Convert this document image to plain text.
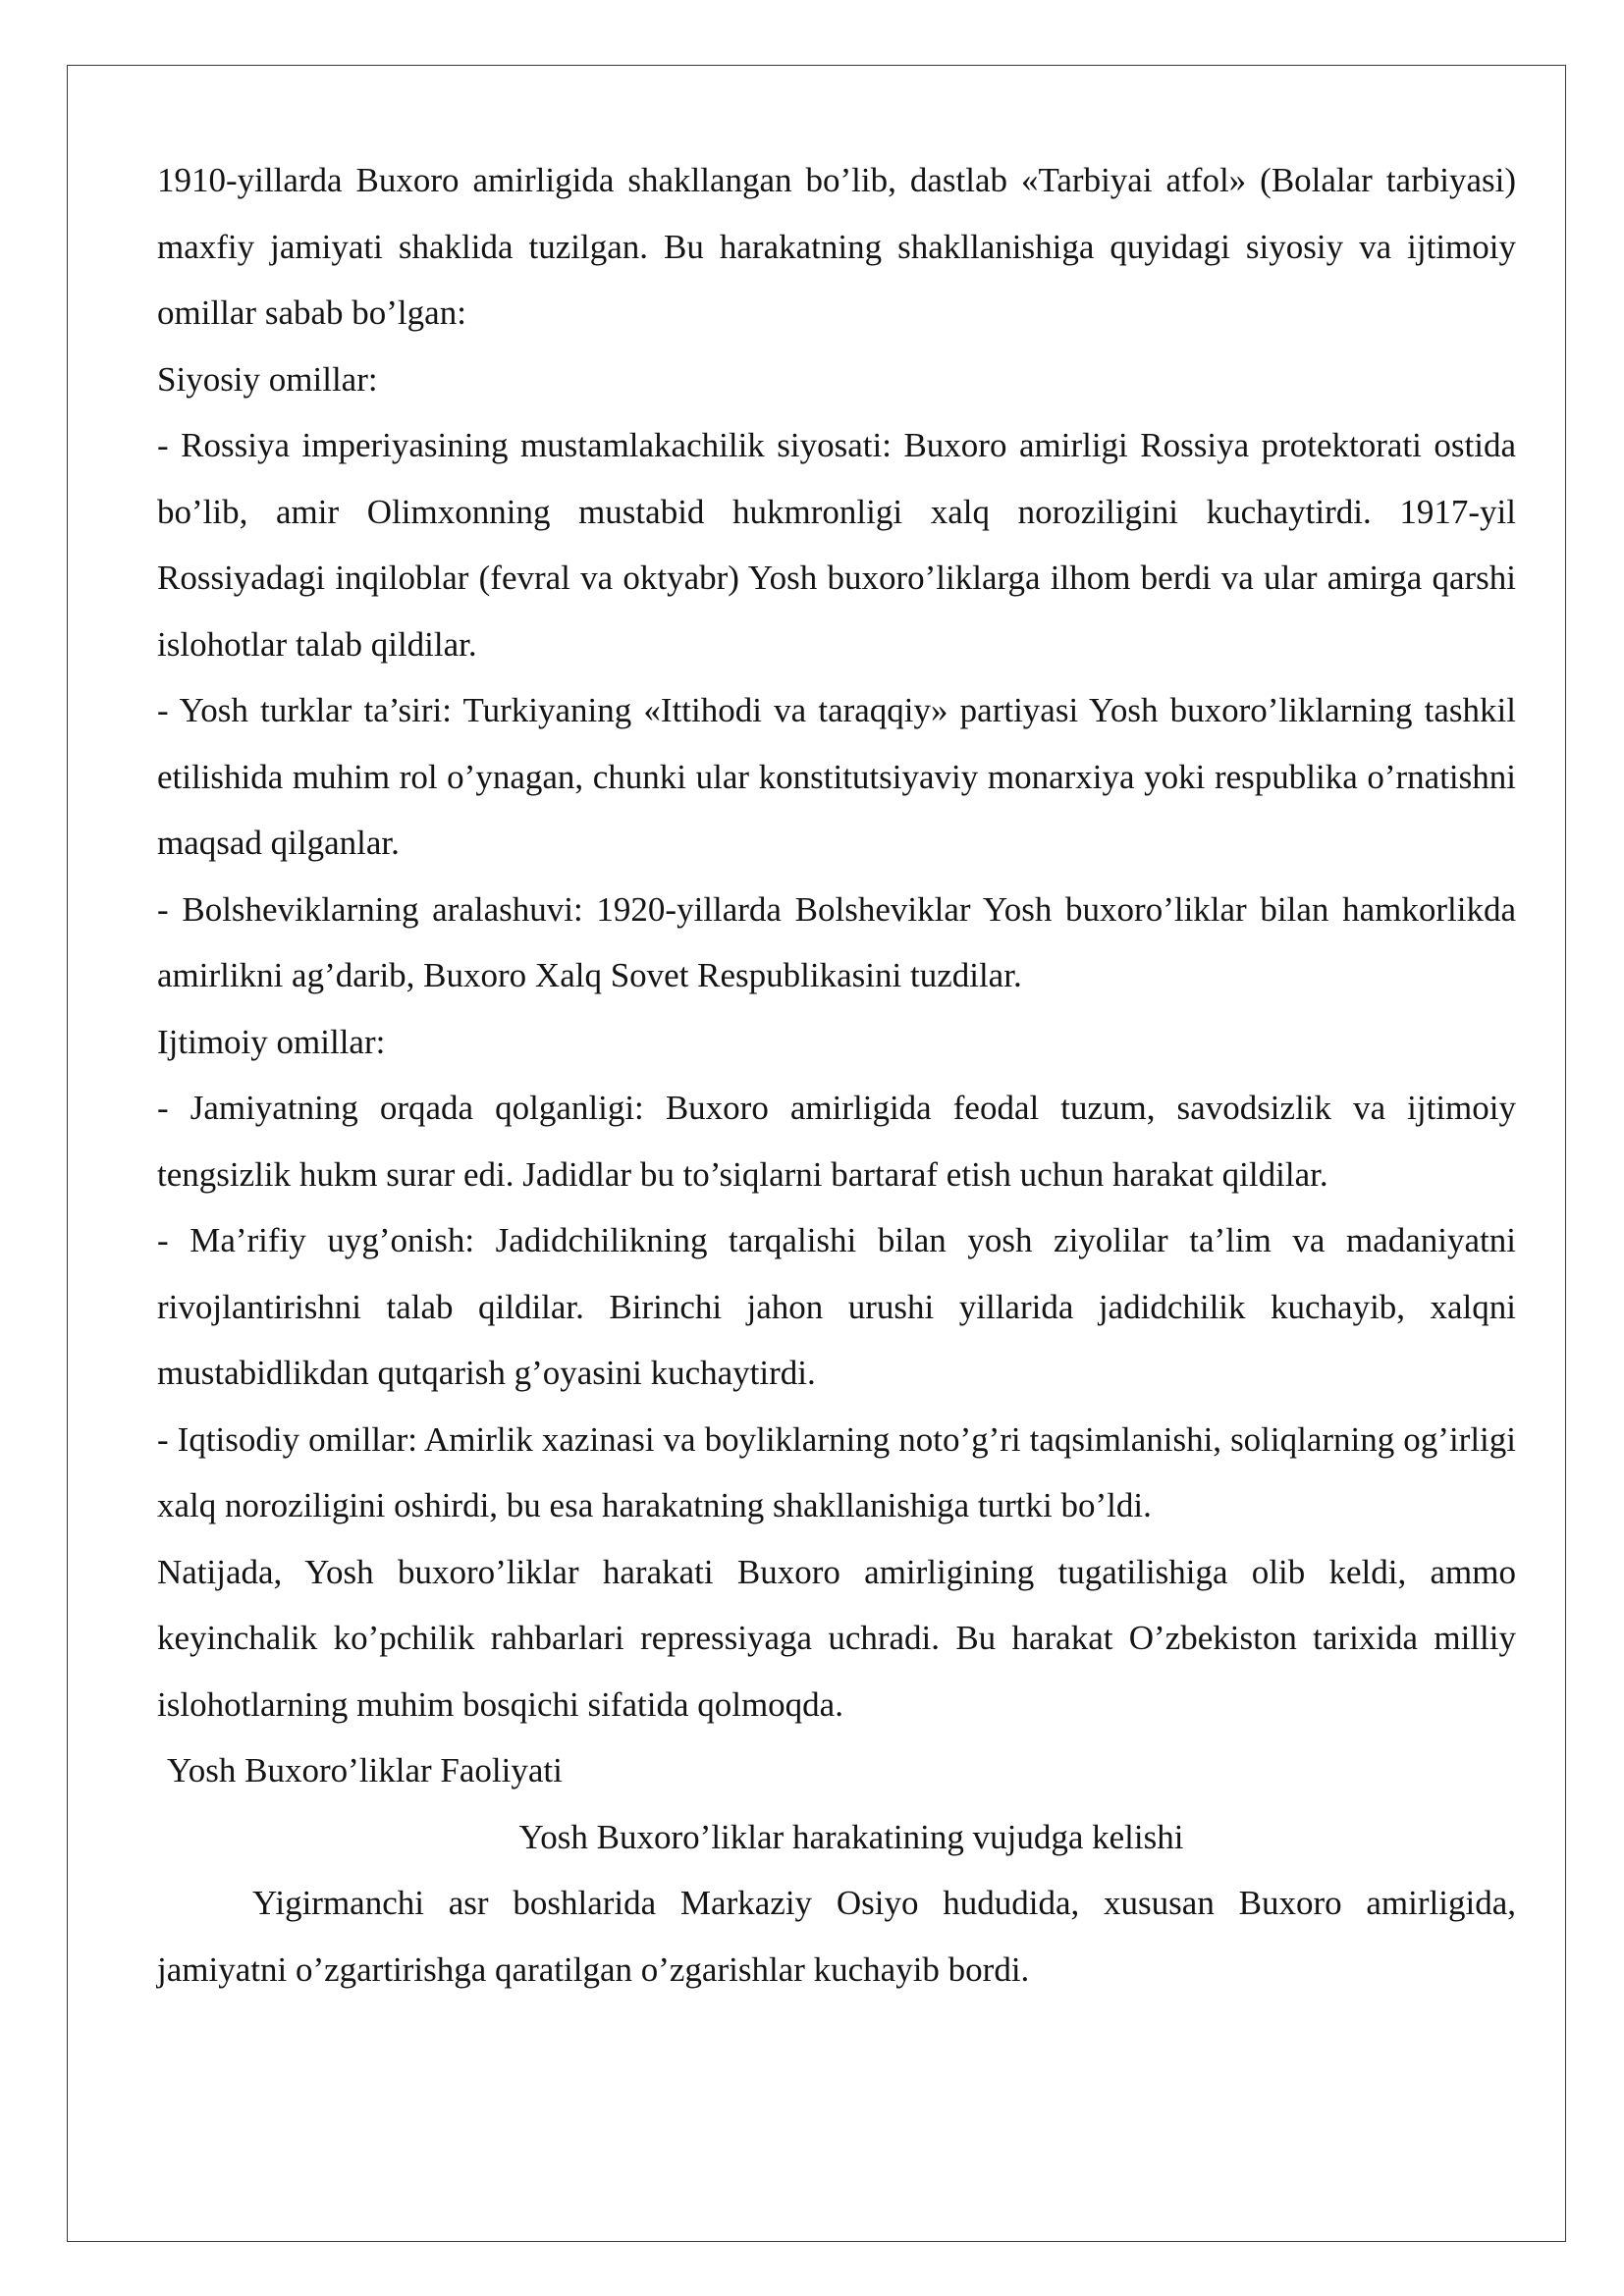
1910-yillarda Buxoro amirligida shakllangan bo’lib, dastlab «Tarbiyai atfol» (Bolalar tarbiyasi) maxfiy jamiyati shaklida tuzilgan. Bu harakatning shakllanishiga quyidagi siyosiy va ijtimoiy omillar sabab bo’lgan:

Siyosiy omillar:

- Rossiya imperiyasining mustamlakachilik siyosati: Buxoro amirligi Rossiya protektorati ostida bo’lib, amir Olimxonning mustabid hukmronligi xalq noroziligini kuchaytirdi. 1917-yil Rossiyadagi inqiloblar (fevral va oktyabr) Yosh buxoro’liklarga ilhom berdi va ular amirga qarshi islohotlar talab qildilar.

- Yosh turklar ta’siri: Turkiyaning «Ittihodi va taraqqiy» partiyasi Yosh buxoro’liklarning tashkil etilishida muhim rol o’ynagan, chunki ular konstitutsiyaviy monarxiya yoki respublika o’rnatishni maqsad qilganlar.

- Bolsheviklarning aralashuvi: 1920-yillarda Bolsheviklar Yosh buxoro’liklar bilan hamkorlikda amirlikni ag’darib, Buxoro Xalq Sovet Respublikasini tuzdilar.

Ijtimoiy omillar:

- Jamiyatning orqada qolganligi: Buxoro amirligida feodal tuzum, savodsizlik va ijtimoiy tengsizlik hukm surar edi. Jadidlar bu to’siqlarni bartaraf etish uchun harakat qildilar.

- Ma’rifiy uyg’onish: Jadidchilikning tarqalishi bilan yosh ziyolilar ta’lim va madaniyatni rivojlantirishni talab qildilar. Birinchi jahon urushi yillarida jadidchilik kuchayib, xalqni mustabidlikdan qutqarish g’oyasini kuchaytirdi.

- Iqtisodiy omillar: Amirlik xazinasi va boyliklarning noto’g’ri taqsimlanishi, soliqlarning og’irligi xalq noroziligini oshirdi, bu esa harakatning shakllanishiga turtki bo’ldi.

Natijada, Yosh buxoro’liklar harakati Buxoro amirligining tugatilishiga olib keldi, ammo keyinchalik ko’pchilik rahbarlari repressiyaga uchradi. Bu harakat O’zbekiston tarixida milliy islohotlarning muhim bosqichi sifatida qolmoqda.

Yosh Buxoro’liklar Faoliyati

Yosh Buxoro’liklar harakatining vujudga kelishi

Yigirmanchi asr boshlarida Markaziy Osiyo hududida, xususan Buxoro amirligida, jamiyatni o’zgartirishga qaratilgan o’zgarishlar kuchayib bordi.
